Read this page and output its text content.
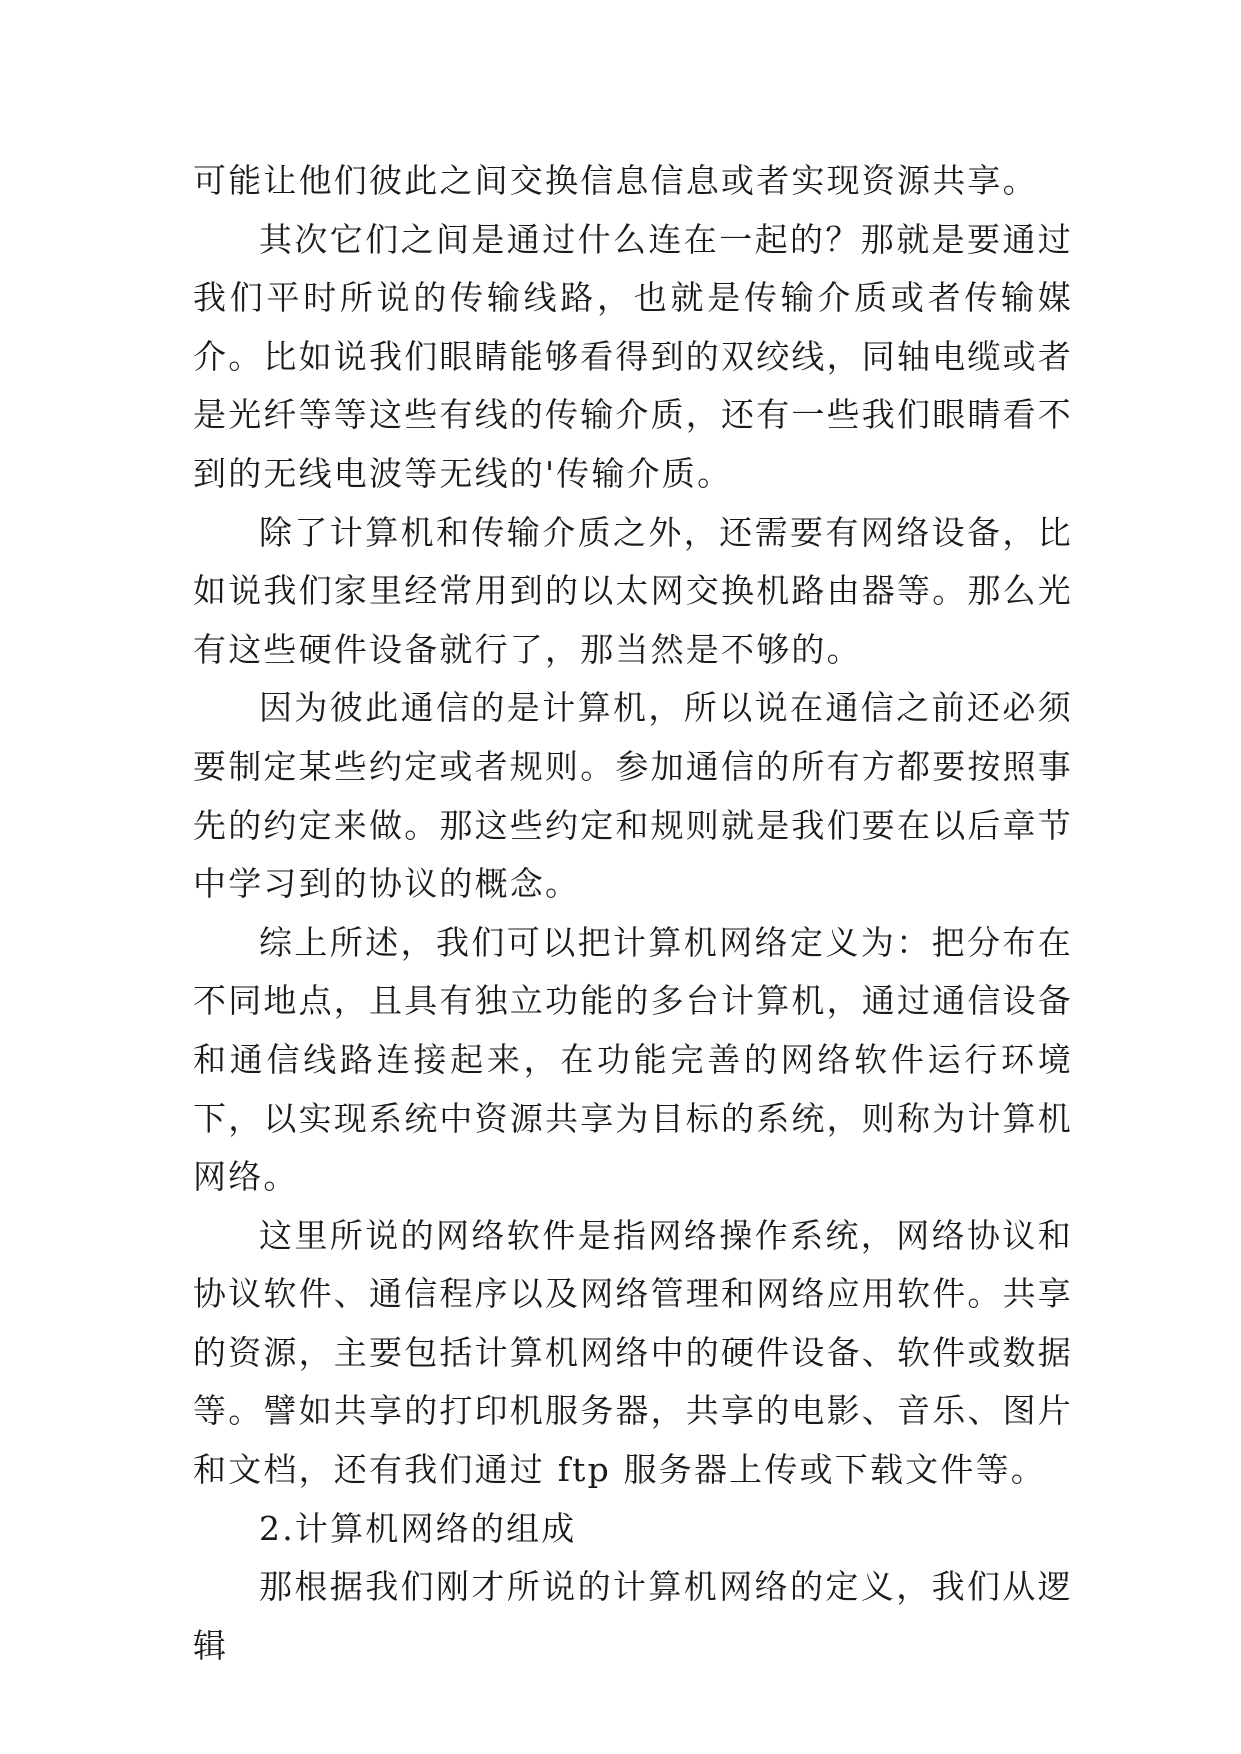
可能让他们彼此之间交换信息信息或者实现资源共享。

其次它们之间是通过什么连在一起的？那就是要通过我们平时所说的传输线路，也就是传输介质或者传输媒介。比如说我们眼睛能够看得到的双绞线，同轴电缆或者是光纤等等这些有线的传输介质，还有一些我们眼睛看不到的无线电波等无线的'传输介质。

除了计算机和传输介质之外，还需要有网络设备，比如说我们家里经常用到的以太网交换机路由器等。那么光有这些硬件设备就行了，那当然是不够的。

因为彼此通信的是计算机，所以说在通信之前还必须要制定某些约定或者规则。参加通信的所有方都要按照事先的约定来做。那这些约定和规则就是我们要在以后章节中学习到的协议的概念。

综上所述，我们可以把计算机网络定义为：把分布在不同地点，且具有独立功能的多台计算机，通过通信设备和通信线路连接起来，在功能完善的网络软件运行环境下，以实现系统中资源共享为目标的系统，则称为计算机网络。

这里所说的网络软件是指网络操作系统，网络协议和协议软件、通信程序以及网络管理和网络应用软件。共享的资源，主要包括计算机网络中的硬件设备、软件或数据等。譬如共享的打印机服务器，共享的电影、音乐、图片和文档，还有我们通过 ftp 服务器上传或下载文件等。

2.计算机网络的组成

那根据我们刚才所说的计算机网络的定义，我们从逻辑
